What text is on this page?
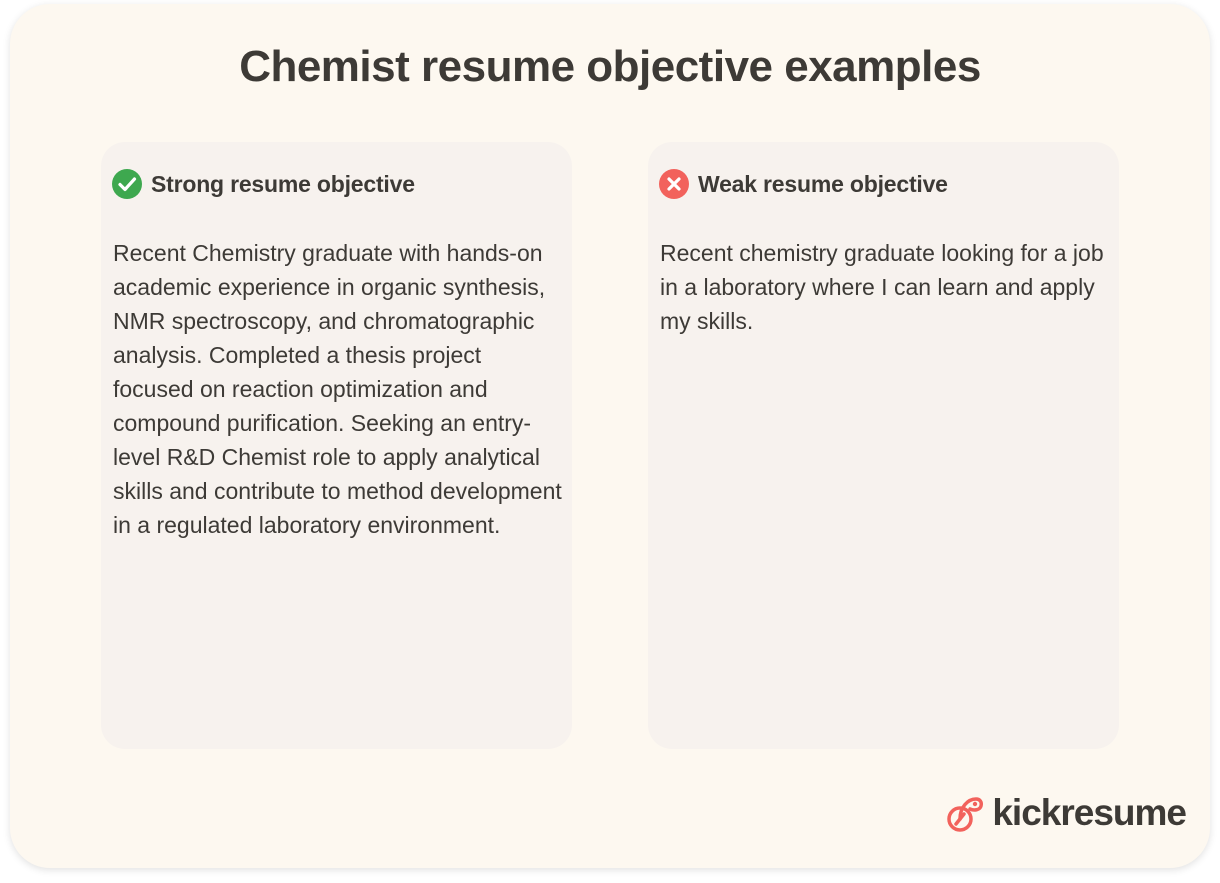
Chemist resume objective examples
Strong resume objective

Recent Chemistry graduate with hands-on academic experience in organic synthesis, NMR spectroscopy, and chromatographic analysis. Completed a thesis project focused on reaction optimization and compound purification. Seeking an entry-level R&D Chemist role to apply analytical skills and contribute to method development in a regulated laboratory environment.

Weak resume objective

Recent chemistry graduate looking for a job in a laboratory where I can learn and apply my skills.

kickresume
